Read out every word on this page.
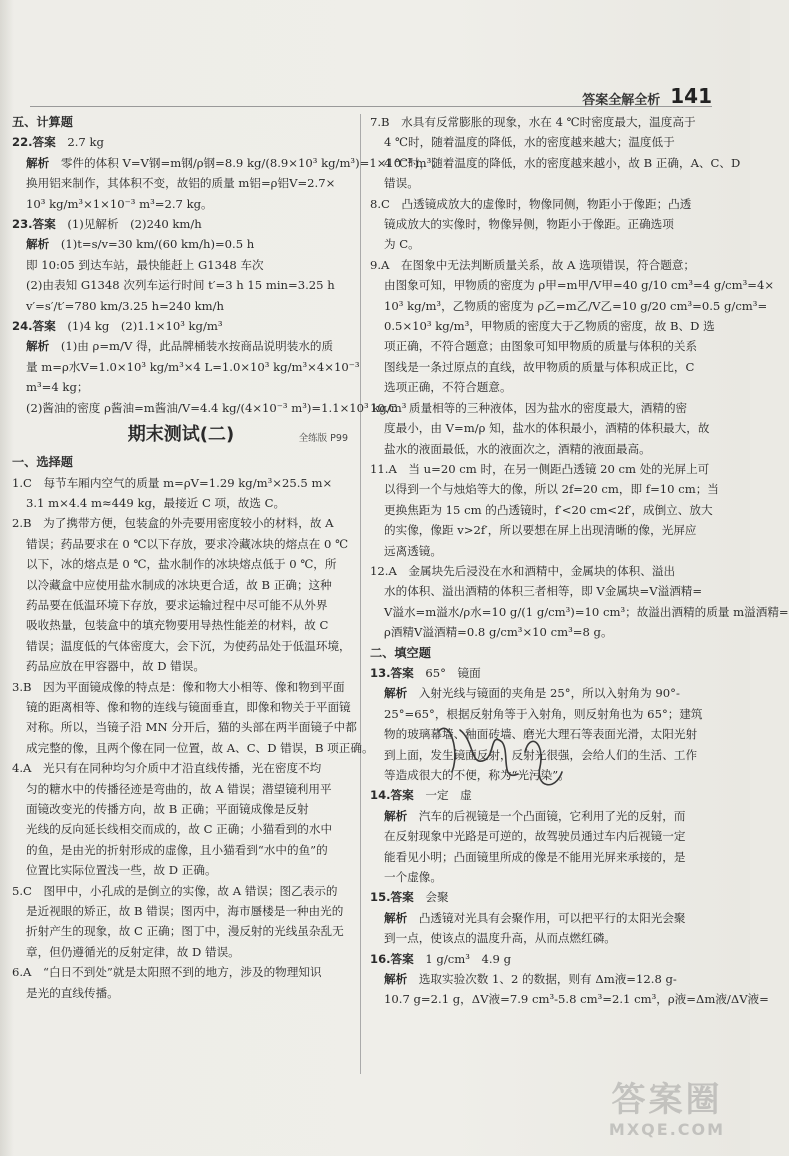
答案全解全析 141
五、计算题
22.答案　 2.7 kg
解析　 零件的体积 V=V钢=m钢/ρ钢=8.9 kg/(8.9×10³ kg/m³)=1×10⁻³ m³；
换用铝来制作，其体积不变，故铝的质量 m铝=ρ铝V=2.7×
10³ kg/m³×1×10⁻³ m³=2.7 kg。
23.答案　 (1)见解析　(2)240 km/h
解析　 (1)t=s/v=30 km/(60 km/h)=0.5 h
即 10:05 到达车站，最快能赶上 G1348 车次
(2)由表知 G1348 次列车运行时间 t′=3 h 15 min=3.25 h
v′=s′/t′=780 km/3.25 h=240 km/h
24.答案　 (1)4 kg　(2)1.1×10³ kg/m³
解析　 (1)由 ρ=m/V 得，此品牌桶装水按商品说明装水的质
量 m=ρ水V=1.0×10³ kg/m³×4 L=1.0×10³ kg/m³×4×10⁻³
m³=4 kg；
(2)酱油的密度 ρ酱油=m酱油/V=4.4 kg/(4×10⁻³ m³)=1.1×10³ kg/m³
期末测试(二)	全练版 P99
一、选择题
1.C　每节车厢内空气的质量 m=ρV=1.29 kg/m³×25.5 m×
3.1 m×4.4 m≈449 kg，最接近 C 项，故选 C。
2.B　为了携带方便，包装盒的外壳要用密度较小的材料，故 A
错误；药品要求在 0 ℃以下存放，要求冷藏冰块的熔点在 0 ℃
以下，冰的熔点是 0 ℃，盐水制作的冰块熔点低于 0 ℃，所
以冷藏盒中应使用盐水制成的冰块更合适，故 B 正确；这种
药品要在低温环境下存放，要求运输过程中尽可能不从外界
吸收热量，包装盒中的填充物要用导热性能差的材料，故 C
错误；温度低的气体密度大，会下沉，为使药品处于低温环境，
药品应放在甲容器中，故 D 错误。
3.B　因为平面镜成像的特点是：像和物大小相等、像和物到平面
镜的距离相等、像和物的连线与镜面垂直，即像和物关于平面镜
对称。所以，当镜子沿 MN 分开后，猫的头部在两半面镜子中都
成完整的像，且两个像在同一位置，故 A、C、D 错误，B 项正确。
4.A　光只有在同种均匀介质中才沿直线传播，光在密度不均
匀的糖水中的传播径迹是弯曲的，故 A 错误；潜望镜利用平
面镜改变光的传播方向，故 B 正确；平面镜成像是反射
光线的反向延长线相交而成的，故 C 正确；小猫看到的水中
的鱼，是由光的折射形成的虚像，且小猫看到“水中的鱼”的
位置比实际位置浅一些，故 D 正确。
5.C　图甲中，小孔成的是倒立的实像，故 A 错误；图乙表示的
是近视眼的矫正，故 B 错误；图丙中，海市蜃楼是一种由光的
折射产生的现象，故 C 正确；图丁中，漫反射的光线虽杂乱无
章，但仍遵循光的反射定律，故 D 错误。
6.A　“白日不到处”就是太阳照不到的地方，涉及的物理知识
是光的直线传播。
7.B　水具有反常膨胀的现象，水在 4 ℃时密度最大，温度高于
4 ℃时，随着温度的降低，水的密度越来越大；温度低于
4 ℃时，随着温度的降低，水的密度越来越小，故 B 正确，A、C、D
错误。
8.C　凸透镜成放大的虚像时，物像同侧，物距小于像距；凸透
镜成放大的实像时，物像异侧，物距小于像距。正确选项
为 C。
9.A　在图象中无法判断质量关系，故 A 选项错误，符合题意；
由图象可知，甲物质的密度为 ρ甲=m甲/V甲=40 g/10 cm³=4 g/cm³=4×
10³ kg/m³，乙物质的密度为 ρ乙=m乙/V乙=10 g/20 cm³=0.5 g/cm³=
0.5×10³ kg/m³，甲物质的密度大于乙物质的密度，故 B、D 选
项正确，不符合题意；由图象可知甲物质的质量与体积的关系
图线是一条过原点的直线，故甲物质的质量与体积成正比，C
选项正确，不符合题意。
10.C　质量相等的三种液体，因为盐水的密度最大，酒精的密
度最小，由 V=m/ρ 知，盐水的体积最小，酒精的体积最大，故
盐水的液面最低，水的液面次之，酒精的液面最高。
11.A　当 u=20 cm 时，在另一侧距凸透镜 20 cm 处的光屏上可
以得到一个与烛焰等大的像，所以 2f=20 cm，即 f=10 cm；当
更换焦距为 15 cm 的凸透镜时，f′<20 cm<2f′，成倒立、放大
的实像，像距 v>2f′，所以要想在屏上出现清晰的像，光屏应
远离透镜。
12.A　金属块先后浸没在水和酒精中，金属块的体积、溢出
水的体积、溢出酒精的体积三者相等，即 V金属块=V溢酒精=
V溢水=m溢水/ρ水=10 g/(1 g/cm³)=10 cm³；故溢出酒精的质量 m溢酒精=
ρ酒精V溢酒精=0.8 g/cm³×10 cm³=8 g。
二、填空题
13.答案　 65°　镜面
解析　 入射光线与镜面的夹角是 25°，所以入射角为 90°-
25°=65°，根据反射角等于入射角，则反射角也为 65°；建筑
物的玻璃幕墙、釉面砖墙、磨光大理石等表面光滑，太阳光射
到上面，发生镜面反射，反射光很强，会给人们的生活、工作
等造成很大的不便，称为“光污染”。
14.答案　 一定　虚
解析　 汽车的后视镜是一个凸面镜，它利用了光的反射，而
在反射现象中光路是可逆的，故驾驶员通过车内后视镜一定
能看见小明；凸面镜里所成的像是不能用光屏来承接的，是
一个虚像。
15.答案　 会聚
解析　 凸透镜对光具有会聚作用，可以把平行的太阳光会聚
到一点，使该点的温度升高，从而点燃红磷。
16.答案　 1 g/cm³　4.9 g
解析　 选取实验次数 1、2 的数据，则有 Δm液=12.8 g-
10.7 g=2.1 g，ΔV液=7.9 cm³-5.8 cm³=2.1 cm³，ρ液=Δm液/ΔV液=
答案圈
MXQE.COM
